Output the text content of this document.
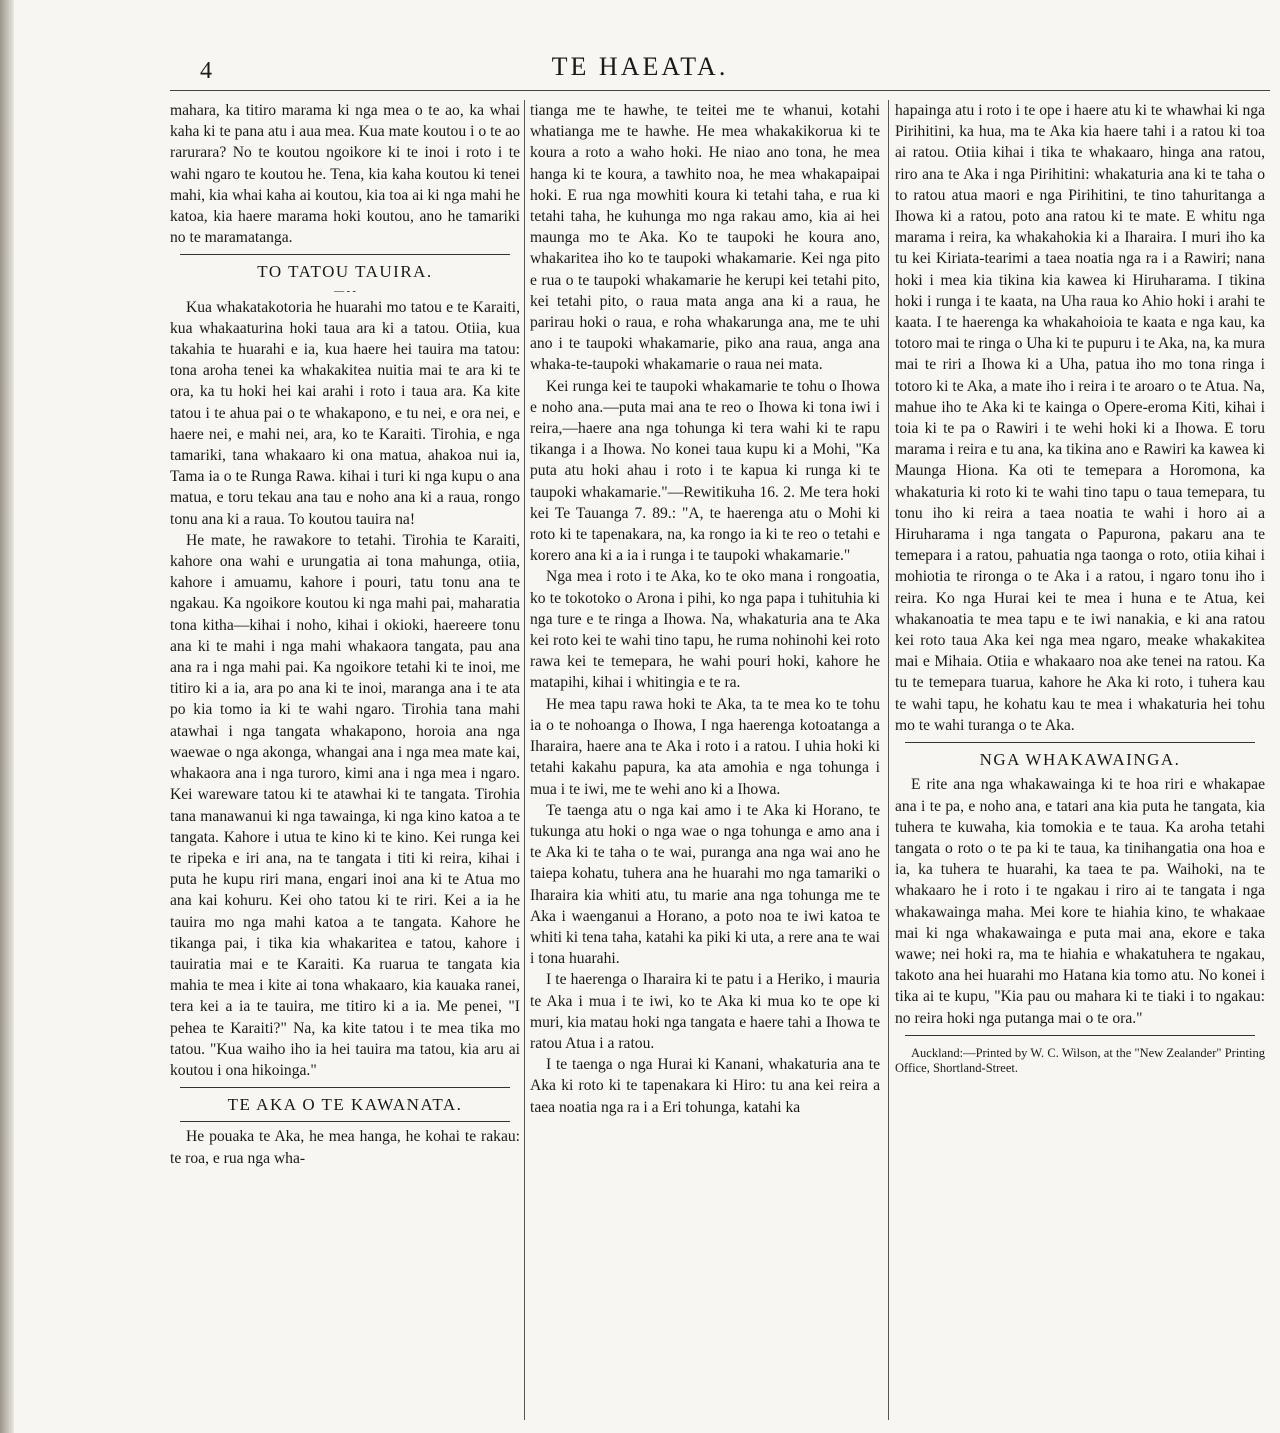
4	TE HAEATA.

mahara, ka titiro marama ki nga mea o te ao, ka whai kaha ki te pana atu i aua mea. Kua mate koutou i o te ao rarurara? No te koutou ngoikore ki te inoi i roto i te wahi ngaro te koutou he. Tena, kia kaha koutou ki tenei mahi, kia whai kaha ai koutou, kia toa ai ki nga mahi he katoa, kia haere marama hoki koutou, ano he tamariki no te maramatanga.

TO TATOU TAUIRA.
— - -

Kua whakatakotoria he huarahi mo tatou e te Karaiti, kua whakaaturina hoki taua ara ki a tatou. Otiia, kua takahia te huarahi e ia, kua haere hei tauira ma tatou: tona aroha tenei ka whakakitea nuitia mai te ara ki te ora, ka tu hoki hei kai arahi i roto i taua ara. Ka kite tatou i te ahua pai o te whakapono, e tu nei, e ora nei, e haere nei, e mahi nei, ara, ko te Karaiti. Tirohia, e nga tamariki, tana whakaaro ki ona matua, ahakoa nui ia, Tama ia o te Runga Rawa. kihai i turi ki nga kupu o ana matua, e toru tekau ana tau e noho ana ki a raua, rongo tonu ana ki a raua. To koutou tauira na!

He mate, he rawakore to tetahi. Tirohia te Karaiti, kahore ona wahi e urungatia ai tona mahunga, otiia, kahore i amuamu, kahore i pouri, tatu tonu ana te ngakau. Ka ngoikore koutou ki nga mahi pai, maharatia tona kitha—kihai i noho, kihai i okioki, haereere tonu ana ki te mahi i nga mahi whakaora tangata, pau ana ana ra i nga mahi pai. Ka ngoikore tetahi ki te inoi, me titiro ki a ia, ara po ana ki te inoi, maranga ana i te ata po kia tomo ia ki te wahi ngaro. Tirohia tana mahi atawhai i nga tangata whakapono, horoia ana nga waewae o nga akonga, whangai ana i nga mea mate kai, whakaora ana i nga turoro, kimi ana i nga mea i ngaro. Kei wareware tatou ki te atawhai ki te tangata. Tirohia tana manawanui ki nga tawainga, ki nga kino katoa a te tangata. Kahore i utua te kino ki te kino. Kei runga kei te ripeka e iri ana, na te tangata i titi ki reira, kihai i puta he kupu riri mana, engari inoi ana ki te Atua mo ana kai kohuru. Kei oho tatou ki te riri. Kei a ia he tauira mo nga mahi katoa a te tangata. Kahore he tikanga pai, i tika kia whakaritea e tatou, kahore i tauiratia mai e te Karaiti. Ka ruarua te tangata kia mahia te mea i kite ai tona whakaaro, kia kauaka ranei, tera kei a ia te tauira, me titiro ki a ia. Me penei, "I pehea te Karaiti?" Na, ka kite tatou i te mea tika mo tatou. "Kua waiho iho ia hei tauira ma tatou, kia aru ai koutou i ona hikoinga."

TE AKA O TE KAWANATA.

He pouaka te Aka, he mea hanga, he kohai te rakau: te roa, e rua nga wha-

tianga me te hawhe, te teitei me te whanui, kotahi whatianga me te hawhe. He mea whakakikorua ki te koura a roto a waho hoki. He niao ano tona, he mea hanga ki te koura, a tawhito noa, he mea whakapaipai hoki. E rua nga mowhiti koura ki tetahi taha, e rua ki tetahi taha, he kuhunga mo nga rakau amo, kia ai hei maunga mo te Aka. Ko te taupoki he koura ano, whakaritea iho ko te taupoki whakamarie. Kei nga pito e rua o te taupoki whakamarie he kerupi kei tetahi pito, kei tetahi pito, o raua mata anga ana ki a raua, he parirau hoki o raua, e roha whakarunga ana, me te uhi ano i te taupoki whakamarie, piko ana raua, anga ana whaka-te-taupoki whakamarie o raua nei mata.

Kei runga kei te taupoki whakamarie te tohu o Ihowa e noho ana.—puta mai ana te reo o Ihowa ki tona iwi i reira,—haere ana nga tohunga ki tera wahi ki te rapu tikanga i a Ihowa. No konei taua kupu ki a Mohi, "Ka puta atu hoki ahau i roto i te kapua ki runga ki te taupoki whakamarie."—Rewitikuha 16. 2. Me tera hoki kei Te Tauanga 7. 89.: "A, te haerenga atu o Mohi ki roto ki te tapenakara, na, ka rongo ia ki te reo o tetahi e korero ana ki a ia i runga i te taupoki whakamarie."

Nga mea i roto i te Aka, ko te oko mana i rongoatia, ko te tokotoko o Arona i pihi, ko nga papa i tuhituhia ki nga ture e te ringa a Ihowa. Na, whakaturia ana te Aka kei roto kei te wahi tino tapu, he ruma nohinohi kei roto rawa kei te temepara, he wahi pouri hoki, kahore he matapihi, kihai i whitingia e te ra.

He mea tapu rawa hoki te Aka, ta te mea ko te tohu ia o te nohoanga o Ihowa, I nga haerenga kotoatanga a Iharaira, haere ana te Aka i roto i a ratou. I uhia hoki ki tetahi kakahu papura, ka ata amohia e nga tohunga i mua i te iwi, me te wehi ano ki a Ihowa.

Te taenga atu o nga kai amo i te Aka ki Horano, te tukunga atu hoki o nga wae o nga tohunga e amo ana i te Aka ki te taha o te wai, puranga ana nga wai ano he taiepa kohatu, tuhera ana he huarahi mo nga tamariki o Iharaira kia whiti atu, tu marie ana nga tohunga me te Aka i waenganui a Horano, a poto noa te iwi katoa te whiti ki tena taha, katahi ka piki ki uta, a rere ana te wai i tona huarahi.

I te haerenga o Iharaira ki te patu i a Heriko, i mauria te Aka i mua i te iwi, ko te Aka ki mua ko te ope ki muri, kia matau hoki nga tangata e haere tahi a Ihowa te ratou Atua i a ratou.

I te taenga o nga Hurai ki Kanani, whakaturia ana te Aka ki roto ki te tapenakara ki Hiro: tu ana kei reira a taea noatia nga ra i a Eri tohunga, katahi ka

hapainga atu i roto i te ope i haere atu ki te whawhai ki nga Pirihitini, ka hua, ma te Aka kia haere tahi i a ratou ki toa ai ratou. Otiia kihai i tika te whakaaro, hinga ana ratou, riro ana te Aka i nga Pirihitini: whakaturia ana ki te taha o to ratou atua maori e nga Pirihitini, te tino tahuritanga a Ihowa ki a ratou, poto ana ratou ki te mate. E whitu nga marama i reira, ka whakahokia ki a Iharaira. I muri iho ka tu kei Kiriata-tearimi a taea noatia nga ra i a Rawiri; nana hoki i mea kia tikina kia kawea ki Hiruharama. I tikina hoki i runga i te kaata, na Uha raua ko Ahio hoki i arahi te kaata. I te haerenga ka whakahoioia te kaata e nga kau, ka totoro mai te ringa o Uha ki te pupuru i te Aka, na, ka mura mai te riri a Ihowa ki a Uha, patua iho mo tona ringa i totoro ki te Aka, a mate iho i reira i te aroaro o te Atua. Na, mahue iho te Aka ki te kainga o Opere-eroma Kiti, kihai i toia ki te pa o Rawiri i te wehi hoki ki a Ihowa. E toru marama i reira e tu ana, ka tikina ano e Rawiri ka kawea ki Maunga Hiona. Ka oti te temepara a Horomona, ka whakaturia ki roto ki te wahi tino tapu o taua temepara, tu tonu iho ki reira a taea noatia te wahi i horo ai a Hiruharama i nga tangata o Papurona, pakaru ana te temepara i a ratou, pahuatia nga taonga o roto, otiia kihai i mohiotia te rironga o te Aka i a ratou, i ngaro tonu iho i reira. Ko nga Hurai kei te mea i huna e te Atua, kei whakanoatia te mea tapu e te iwi nanakia, e ki ana ratou kei roto taua Aka kei nga mea ngaro, meake whakakitea mai e Mihaia. Otiia e whakaaro noa ake tenei na ratou. Ka tu te temepara tuarua, kahore he Aka ki roto, i tuhera kau te wahi tapu, he kohatu kau te mea i whakaturia hei tohu mo te wahi turanga o te Aka.

NGA WHAKAWAINGA.

E rite ana nga whakawainga ki te hoa riri e whakapae ana i te pa, e noho ana, e tatari ana kia puta he tangata, kia tuhera te kuwaha, kia tomokia e te taua. Ka aroha tetahi tangata o roto o te pa ki te taua, ka tinihangatia ona hoa e ia, ka tuhera te huarahi, ka taea te pa. Waihoki, na te whakaaro he i roto i te ngakau i riro ai te tangata i nga whakawainga maha. Mei kore te hiahia kino, te whakaae mai ki nga whakawainga e puta mai ana, ekore e taka wawe; nei hoki ra, ma te hiahia e whakatuhera te ngakau, takoto ana hei huarahi mo Hatana kia tomo atu. No konei i tika ai te kupu, "Kia pau ou mahara ki te tiaki i to ngakau: no reira hoki nga putanga mai o te ora."

Auckland:—Printed by W. C. Wilson, at the "New Zealander" Printing Office, Shortland-Street.
